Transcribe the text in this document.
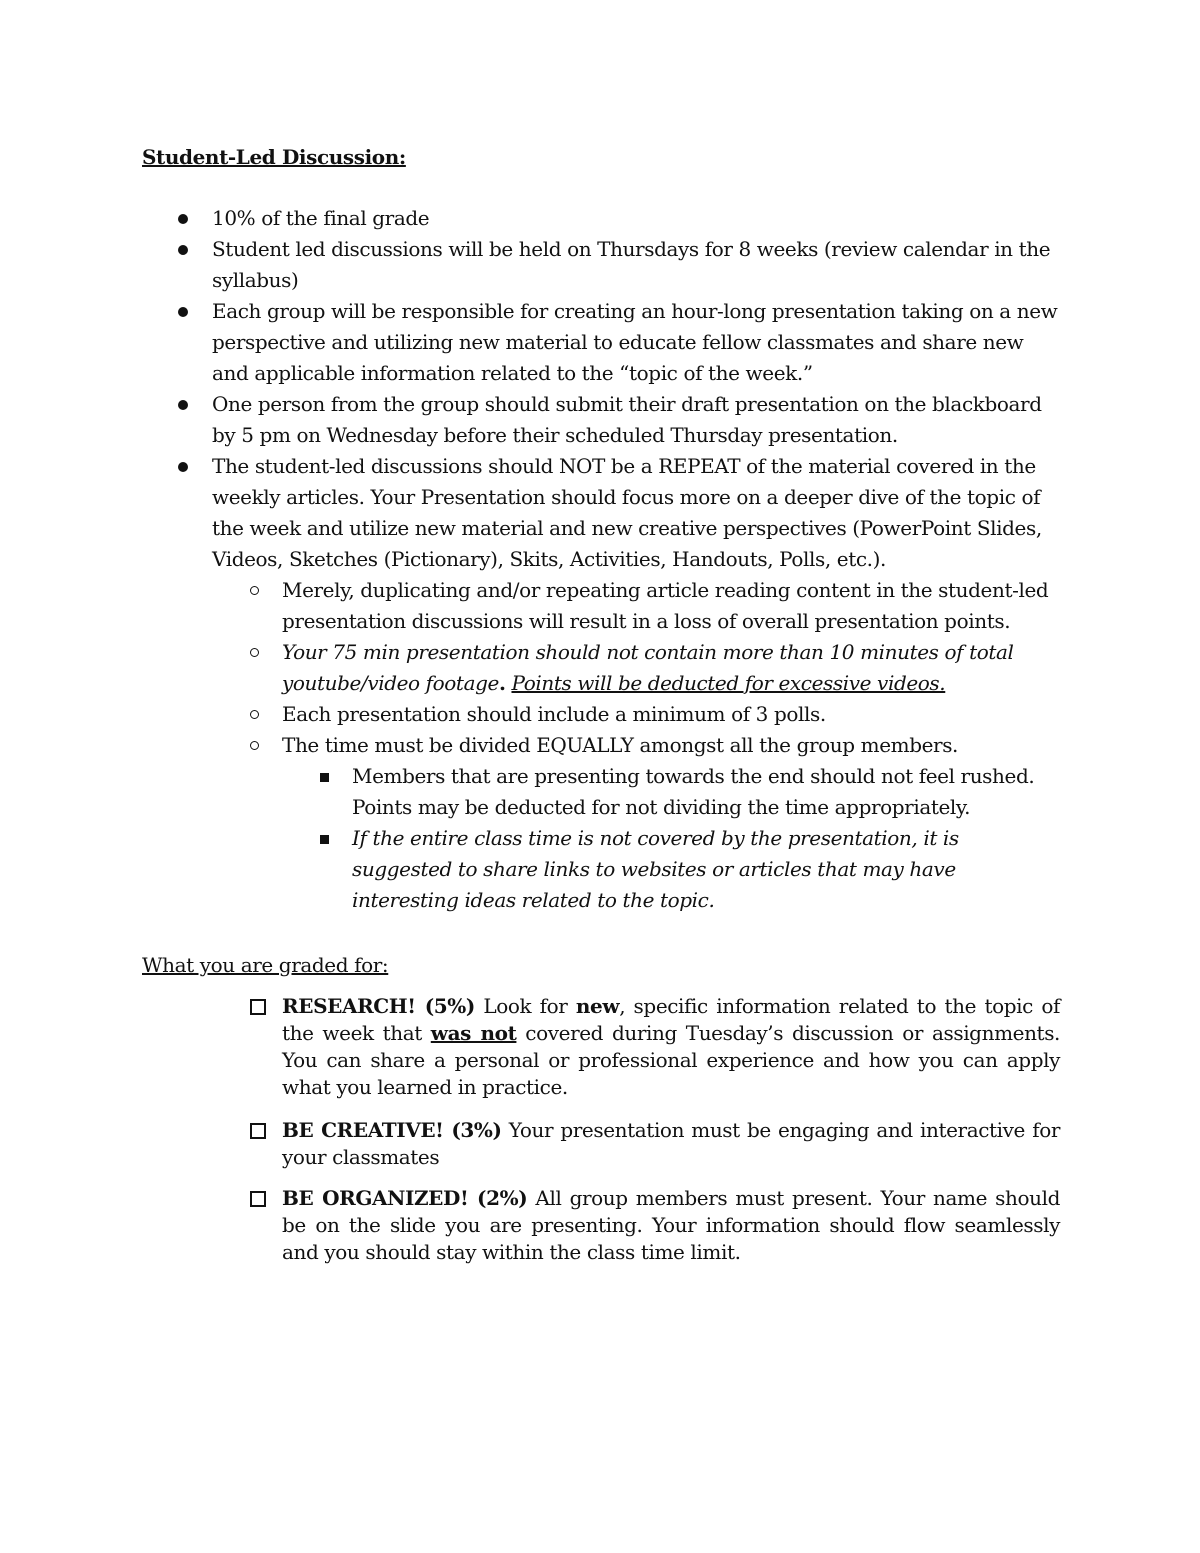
Student-Led Discussion:
10% of the final grade
Student led discussions will be held on Thursdays for 8 weeks (review calendar in the syllabus)
Each group will be responsible for creating an hour-long presentation taking on a new perspective and utilizing new material to educate fellow classmates and share new and applicable information related to the “topic of the week.”
One person from the group should submit their draft presentation on the blackboard by 5 pm on Wednesday before their scheduled Thursday presentation.
The student-led discussions should NOT be a REPEAT of the material covered in the weekly articles. Your Presentation should focus more on a deeper dive of the topic of the week and utilize new material and new creative perspectives (PowerPoint Slides, Videos, Sketches (Pictionary), Skits, Activities, Handouts, Polls, etc.).
Merely, duplicating and/or repeating article reading content in the student-led presentation discussions will result in a loss of overall presentation points.
Your 75 min presentation should not contain more than 10 minutes of total youtube/video footage. Points will be deducted for excessive videos.
Each presentation should include a minimum of 3 polls.
The time must be divided EQUALLY amongst all the group members.
Members that are presenting towards the end should not feel rushed. Points may be deducted for not dividing the time appropriately.
If the entire class time is not covered by the presentation, it is suggested to share links to websites or articles that may have interesting ideas related to the topic.
What you are graded for:
RESEARCH! (5%) Look for new, specific information related to the topic of the week that was not covered during Tuesday’s discussion or assignments. You can share a personal or professional experience and how you can apply what you learned in practice.
BE CREATIVE! (3%) Your presentation must be engaging and interactive for your classmates
BE ORGANIZED! (2%) All group members must present. Your name should be on the slide you are presenting. Your information should flow seamlessly and you should stay within the class time limit.
